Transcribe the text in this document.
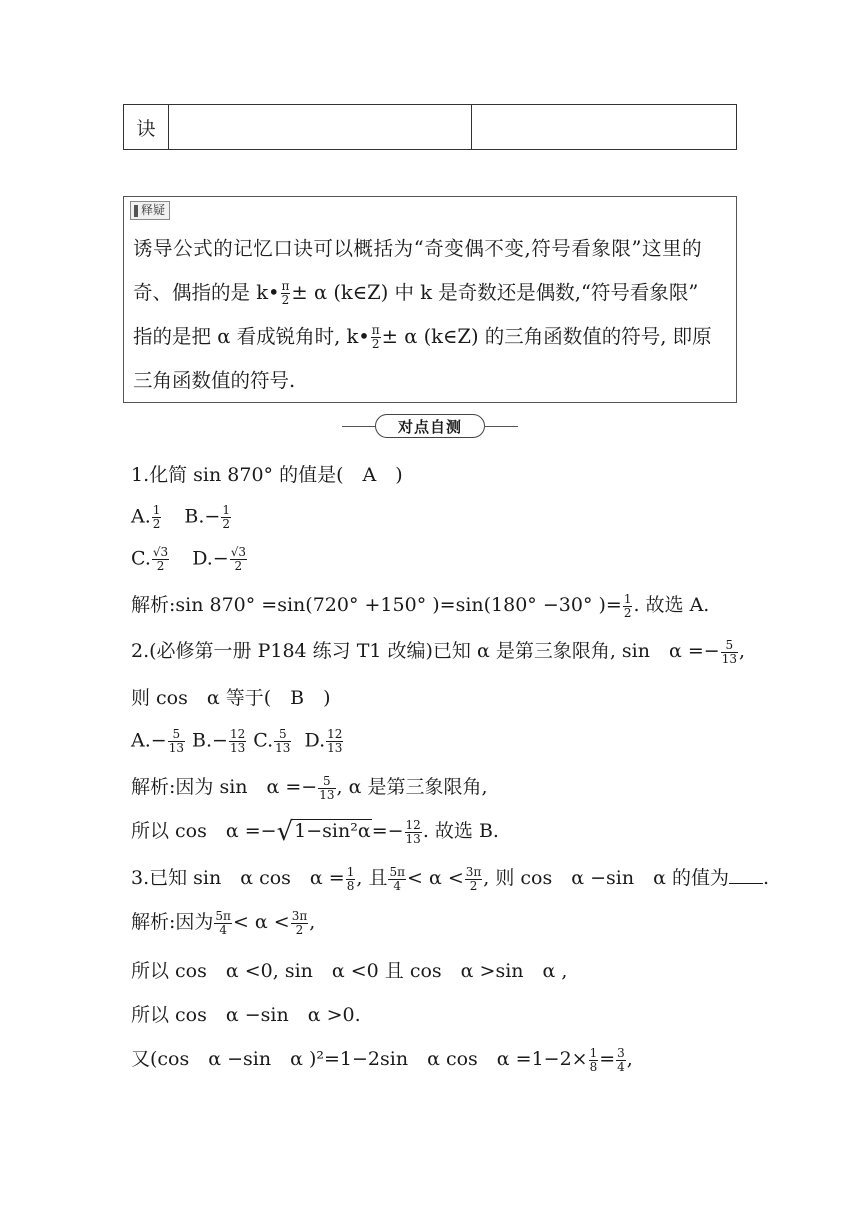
诀
释疑
诱导公式的记忆口诀可以概括为“奇变偶不变,符号看象限”这里的
奇、偶指的是 k• $\frac{\pi}{2} \pm \alpha$ (k∈Z) 中 k 是奇数还是偶数,“符号看象限”
指的是把 α 看成锐角时, k• $\frac{\pi}{2} \pm \alpha$ (k∈Z) 的三角函数值的符号, 即原
三角函数值的符号.
对点自测
1.化简 sin 870° 的值是(　A　)
A. $\frac{1}{2} B.- \frac{1}{2}$
C. $\frac{√3}{2} D.- \frac{√3}{2}$
解析:sin 870° =sin(720° +150° )=sin(180° −30° )= $\frac{1}{2}$ . 故选 A.
2.(必修第一册 P184 练习 T1 改编)已知 α 是第三象限角, sin　$\alpha =- \frac{5}{13}$ ,
则 cos　α 等于(　B　)
$A.- \frac{5}{13} B.- \frac{12}{13} C$. $\frac{5}{13} D$. $\frac{12}{13}$
解析:因为 sin　$\alpha =- \frac{5}{13}$ , α 是第三象限角,
所以 cos　$\alpha =-√1-\sin^2\alpha=- \frac{12}{13}$ . 故选 B.
3.已知 sin　α cos　$\alpha = \frac{1}{8}$ , 且 $\frac{5\pi}{4} < \alpha < \frac{3\pi}{2}$ , 则 cos　α −sin　α 的值为 .
解析:因为 $\frac{5\pi}{4} < \alpha < \frac{3\pi}{2}$ ,
所以 cos　α <0, sin　α <0 且 cos　α >sin　α ,
所以 cos　α −sin　α >0.
又(cos　α −sin　α )²=1−2sin　α cos　$\alpha =1-2\times \frac{1}{8} = \frac{3}{4}$ ,
